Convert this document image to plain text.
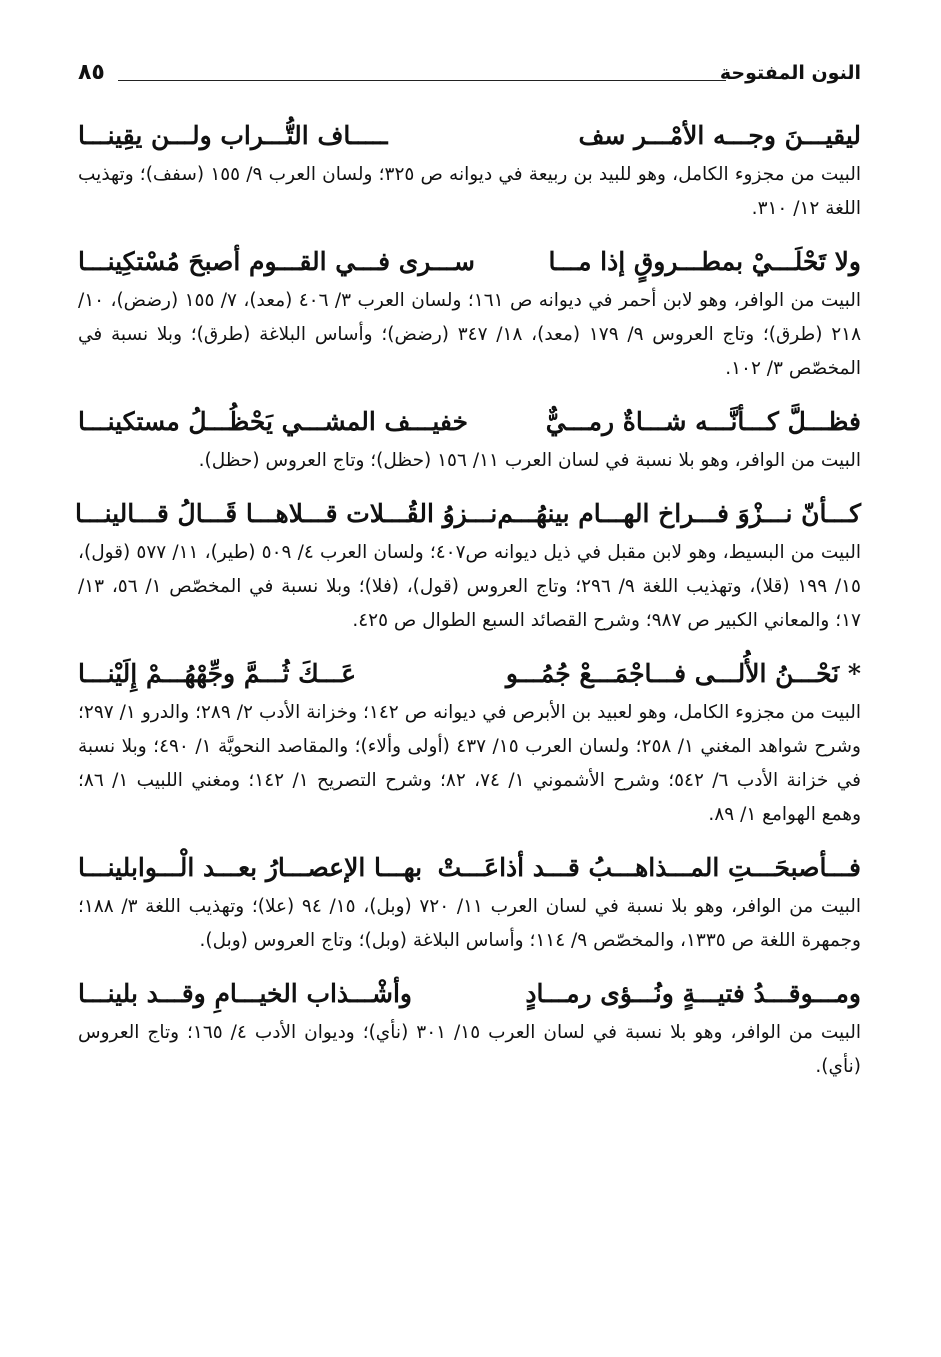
النون المفتوحة
٨٥
ليقيـــنَ وجـــه الأمْـــر سف
ـــــاف التُّـــراب ولـــن يقِينـــا
البيت من مجزوء الكامل، وهو للبيد بن ربيعة في ديوانه ص ٣٢٥؛ ولسان العرب ٩/ ١٥٥ (سفف)؛ وتهذيب اللغة ١٢/ ٣١٠.
ولا تَحْلَـــيْ بمطـــروقٍ إذا مـــا
ســـرى فـــي القـــوم أصبحَ مُسْتكِينـــا
البيت من الوافر، وهو لابن أحمر في ديوانه ص ١٦١؛ ولسان العرب ٣/ ٤٠٦ (معد)، ٧/ ١٥٥ (رضض)، ١٠/ ٢١٨ (طرق)؛ وتاج العروس ٩/ ١٧٩ (معد)، ١٨/ ٣٤٧ (رضض)؛ وأساس البلاغة (طرق)؛ وبلا نسبة في المخصّص ٣/ ١٠٢.
فظـــلَّ كـــأنَّـــه شـــاةٌ رمـــيٌّ
خفيـــف المشـــي يَحْظُـــلُ مستكينـــا
البيت من الوافر، وهو بلا نسبة في لسان العرب ١١/ ١٥٦ (حظل)؛ وتاج العروس (حظل).
كـــأنّ نـــزْوَ فـــراخ الهـــام بينهُـــم
نـــزوُ القُـــلات قـــلاهـــا قَـــالُ قـــالينـــا
البيت من البسيط، وهو لابن مقبل في ذيل ديوانه ص٤٠٧؛ ولسان العرب ٤/ ٥٠٩ (طير)، ١١/ ٥٧٧ (قول)، ١٥/ ١٩٩ (قلا)، وتهذيب اللغة ٩/ ٢٩٦؛ وتاج العروس (قول)، (فلا)؛ وبلا نسبة في المخصّص ١/ ٥٦، ١٣/ ١٧؛ والمعاني الكبير ص ٩٨٧؛ وشرح القصائد السبع الطوال ص ٤٢٥.
* نَحْـــنُ الأُلـــى فـــاجْمَـــعْ جُمُـــو
عَـــكَ ثُـــمَّ وجِّهْهُـــمْ إِلَيْنـــا
البيت من مجزوء الكامل، وهو لعبيد بن الأبرص في ديوانه ص ١٤٢؛ وخزانة الأدب ٢/ ٢٨٩؛ والدرو ١/ ٢٩٧؛ وشرح شواهد المغني ١/ ٢٥٨؛ ولسان العرب ١٥/ ٤٣٧ (أولى وألاء)؛ والمقاصد النحويَّة ١/ ٤٩٠؛ وبلا نسبة في خزانة الأدب ٦/ ٥٤٢؛ وشرح الأشموني ١/ ٧٤، ٨٢؛ وشرح التصريح ١/ ١٤٢؛ ومغني اللبيب ١/ ٨٦؛ وهمع الهوامع ١/ ٨٩.
فـــأصبحَـــتِ المـــذاهـــبُ قـــد أذاعَـــتْ
بهـــا الإعصـــارُ بعـــد الْـــوابلينـــا
البيت من الوافر، وهو بلا نسبة في لسان العرب ١١/ ٧٢٠ (وبل)، ١٥/ ٩٤ (علا)؛ وتهذيب اللغة ٣/ ١٨٨؛ وجمهرة اللغة ص ١٣٣٥، والمخصّص ٩/ ١١٤؛ وأساس البلاغة (وبل)؛ وتاج العروس (وبل).
ومـــوقـــدُ فتيـــةٍ ونُـــؤى رمـــادٍ
وأشْـــذاب الخيـــامِ وقـــد بلينـــا
البيت من الوافر، وهو بلا نسبة في لسان العرب ١٥/ ٣٠١ (نأي)؛ وديوان الأدب ٤/ ١٦٥؛ وتاج العروس (نأي).
